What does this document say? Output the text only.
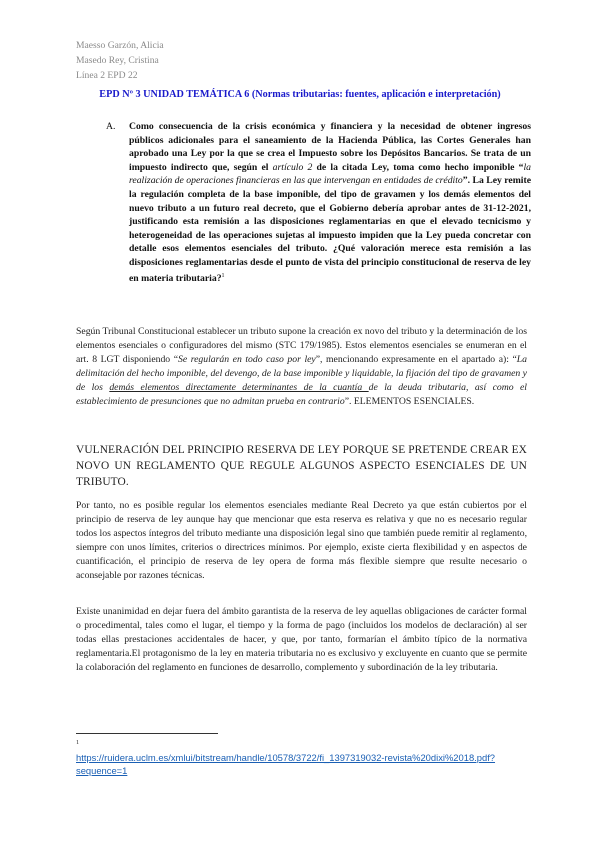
Maesso Garzón, Alicia
Masedo Rey, Cristina
Línea 2 EPD 22
EPD Nº 3 UNIDAD TEMÁTICA 6 (Normas tributarias: fuentes, aplicación e interpretación)
A. Como consecuencia de la crisis económica y financiera y la necesidad de obtener ingresos públicos adicionales para el saneamiento de la Hacienda Pública, las Cortes Generales han aprobado una Ley por la que se crea el Impuesto sobre los Depósitos Bancarios. Se trata de un impuesto indirecto que, según el artículo 2 de la citada Ley, toma como hecho imponible “la realización de operaciones financieras en las que intervengan en entidades de crédito”. La Ley remite la regulación completa de la base imponible, del tipo de gravamen y los demás elementos del nuevo tributo a un futuro real decreto, que el Gobierno debería aprobar antes de 31-12-2021, justificando esta remisión a las disposiciones reglamentarias en que el elevado tecnicismo y heterogeneidad de las operaciones sujetas al impuesto impiden que la Ley pueda concretar con detalle esos elementos esenciales del tributo. ¿Qué valoración merece esta remisión a las disposiciones reglamentarias desde el punto de vista del principio constitucional de reserva de ley en materia tributaria?$^1$
Según Tribunal Constitucional establecer un tributo supone la creación ex novo del tributo y la determinación de los elementos esenciales o configuradores del mismo (STC 179/1985). Estos elementos esenciales se enumeran en el art. 8 LGT disponiendo “Se regularán en todo caso por ley”, mencionando expresamente en el apartado a): “La delimitación del hecho imponible, del devengo, de la base imponible y liquidable, la fijación del tipo de gravamen y de los demás elementos directamente determinantes de la cuantía de la deuda tributaria, así como el establecimiento de presunciones que no admitan prueba en contrario”. ELEMENTOS ESENCIALES.
VULNERACIÓN DEL PRINCIPIO RESERVA DE LEY PORQUE SE PRETENDE CREAR EX NOVO UN REGLAMENTO QUE REGULE ALGUNOS ASPECTO ESENCIALES DE UN TRIBUTO.
Por tanto, no es posible regular los elementos esenciales mediante Real Decreto ya que están cubiertos por el principio de reserva de ley aunque hay que mencionar que esta reserva es relativa y que no es necesario regular todos los aspectos íntegros del tributo mediante una disposición legal sino que también puede remitir al reglamento, siempre con unos límites, criterios o directrices mínimos. Por ejemplo, existe cierta flexibilidad y en aspectos de cuantificación, el principio de reserva de ley opera de forma más flexible siempre que resulte necesario o aconsejable por razones técnicas.
Existe unanimidad en dejar fuera del ámbito garantista de la reserva de ley aquellas obligaciones de carácter formal o procedimental, tales como el lugar, el tiempo y la forma de pago (incluidos los modelos de declaración) al ser todas ellas prestaciones accidentales de hacer, y que, por tanto, formarían el ámbito típico de la normativa reglamentaria.El protagonismo de la ley en materia tributaria no es exclusivo y excluyente en cuanto que se permite la colaboración del reglamento en funciones de desarrollo, complemento y subordinación de la ley tributaria.
1
https://ruidera.uclm.es/xmlui/bitstream/handle/10578/3722/fi_1397319032-revista%20dixi%2018.pdf?sequence=1
